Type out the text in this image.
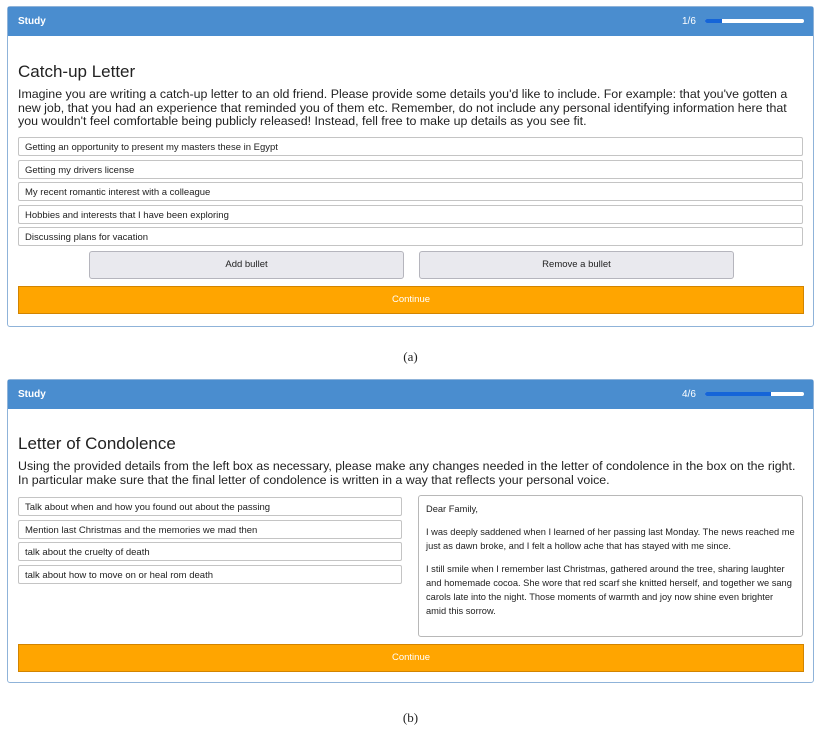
Study	1/6
Catch-up Letter

Imagine you are writing a catch-up letter to an old friend. Please provide some details you'd like to include. For example: that you've gotten a new job, that you had an experience that reminded you of them etc. Remember, do not include any personal identifying information here that you wouldn't feel comfortable being publicly released! Instead, fell free to make up details as you see fit.

Getting an opportunity to present my masters these in Egypt
Getting my drivers license
My recent romantic interest with a colleague
Hobbies and interests that I have been exploring
Discussing plans for vacation
Add bullet	Remove a bullet
Continue
(a)
Study	4/6
Letter of Condolence

Using the provided details from the left box as necessary, please make any changes needed in the letter of condolence in the box on the right. In particular make sure that the final letter of condolence is written in a way that reflects your personal voice.

Talk about when and how you found out about the passing
Mention last Christmas and the memories we mad then
talk about the cruelty of death
talk about how to move on or heal rom death

Dear Family,

I was deeply saddened when I learned of her passing last Monday. The news reached me just as dawn broke, and I felt a hollow ache that has stayed with me since.

I still smile when I remember last Christmas, gathered around the tree, sharing laughter and homemade cocoa. She wore that red scarf she knitted herself, and together we sang carols late into the night. Those moments of warmth and joy now shine even brighter amid this sorrow.

Continue
(b)
